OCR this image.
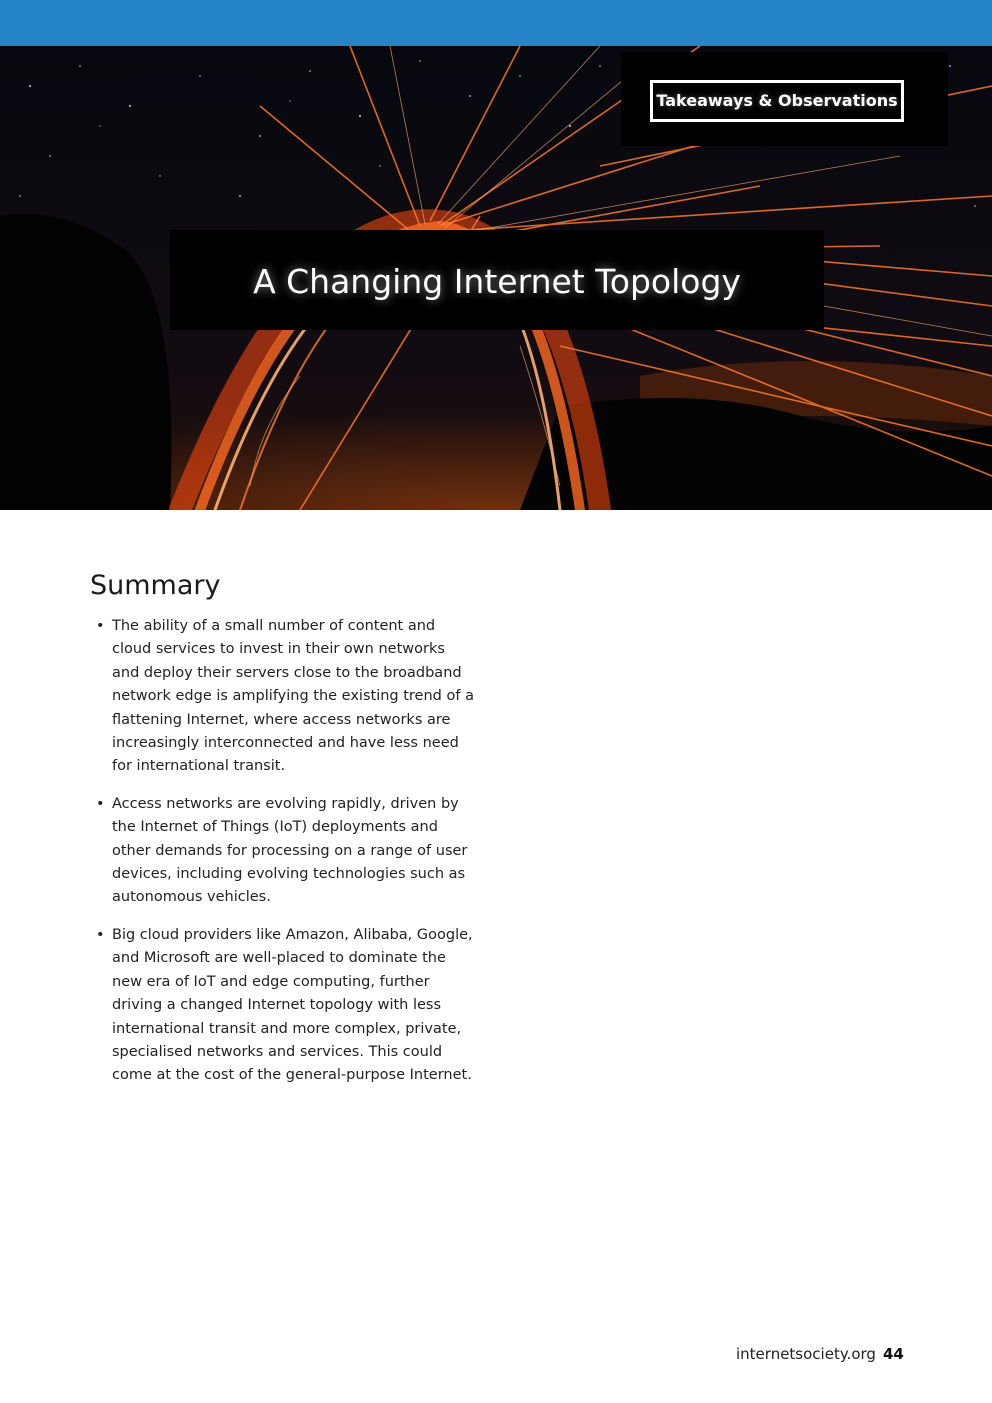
Takeaways & Observations
A Changing Internet Topology
Summary
• The ability of a small number of content and cloud services to invest in their own networks and deploy their servers close to the broadband network edge is amplifying the existing trend of a flattening Internet, where access networks are increasingly interconnected and have less need for international transit.
• Access networks are evolving rapidly, driven by the Internet of Things (IoT) deployments and other demands for processing on a range of user devices, including evolving technologies such as autonomous vehicles.
• Big cloud providers like Amazon, Alibaba, Google, and Microsoft are well-placed to dominate the new era of IoT and edge computing, further driving a changed Internet topology with less international transit and more complex, private, specialised networks and services. This could come at the cost of the general-purpose Internet.
internetsociety.org 44
